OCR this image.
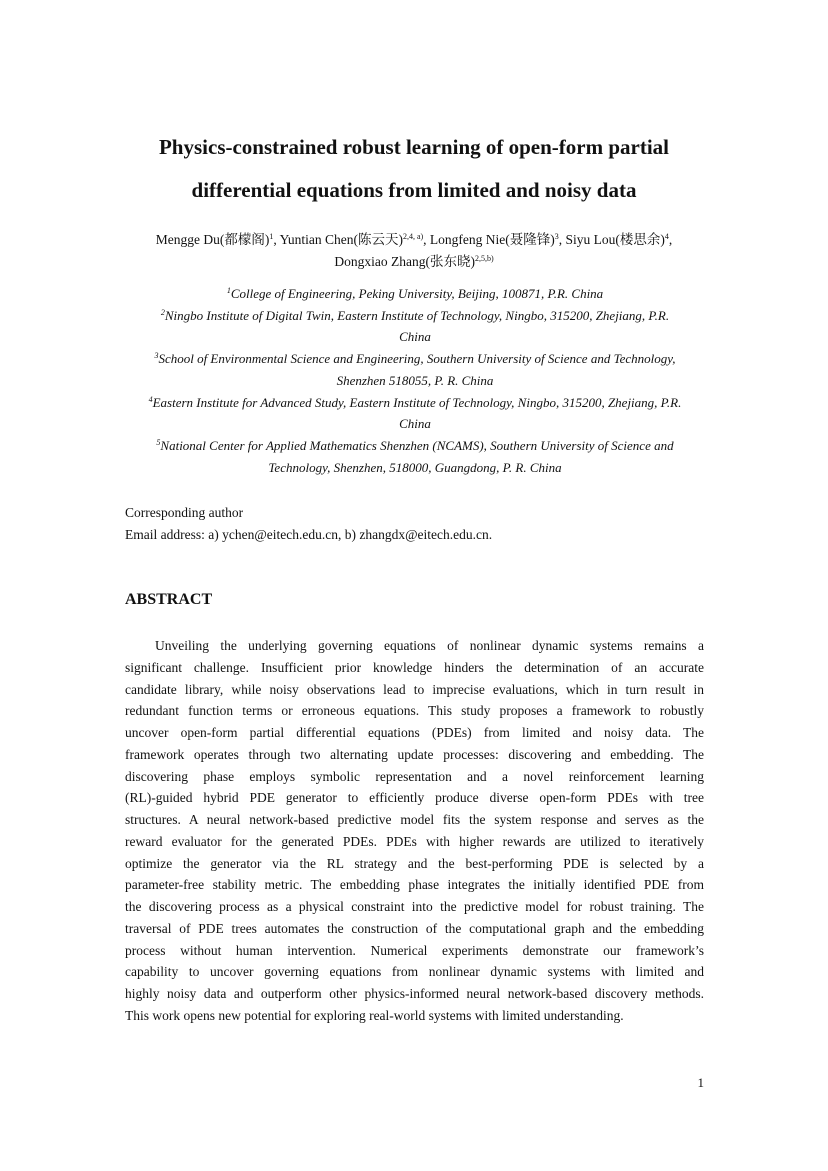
Physics-constrained robust learning of open-form partial
differential equations from limited and noisy data
Mengge Du(都檬阁)$^1$, Yuntian Chen(陈云天)$^{2,4, a)}$, Longfeng Nie(聂隆锋)$^3$, Siyu Lou(楼思余)$^4$,
Dongxiao Zhang(张东晓)$^{2,5,b)}$
$^1$College of Engineering, Peking University, Beijing, 100871, P.R. China
$^2$Ningbo Institute of Digital Twin, Eastern Institute of Technology, Ningbo, 315200, Zhejiang, P.R.
China
$^3$School of Environmental Science and Engineering, Southern University of Science and Technology,
Shenzhen 518055, P. R. China
$^4$Eastern Institute for Advanced Study, Eastern Institute of Technology, Ningbo, 315200, Zhejiang, P.R.
China
$^5$National Center for Applied Mathematics Shenzhen (NCAMS), Southern University of Science and
Technology, Shenzhen, 518000, Guangdong, P. R. China
Corresponding author
Email address: a) ychen@eitech.edu.cn, b) zhangdx@eitech.edu.cn.
ABSTRACT
Unveiling the underlying governing equations of nonlinear dynamic systems remains a
significant challenge. Insufficient prior knowledge hinders the determination of an accurate
candidate library, while noisy observations lead to imprecise evaluations, which in turn result in
redundant function terms or erroneous equations. This study proposes a framework to robustly
uncover open-form partial differential equations (PDEs) from limited and noisy data. The
framework operates through two alternating update processes: discovering and embedding. The
discovering phase employs symbolic representation and a novel reinforcement learning
(RL)-guided hybrid PDE generator to efficiently produce diverse open-form PDEs with tree
structures. A neural network-based predictive model fits the system response and serves as the
reward evaluator for the generated PDEs. PDEs with higher rewards are utilized to iteratively
optimize the generator via the RL strategy and the best-performing PDE is selected by a
parameter-free stability metric. The embedding phase integrates the initially identified PDE from
the discovering process as a physical constraint into the predictive model for robust training. The
traversal of PDE trees automates the construction of the computational graph and the embedding
process without human intervention. Numerical experiments demonstrate our framework’s
capability to uncover governing equations from nonlinear dynamic systems with limited and
highly noisy data and outperform other physics-informed neural network-based discovery methods.
This work opens new potential for exploring real-world systems with limited understanding.
1
